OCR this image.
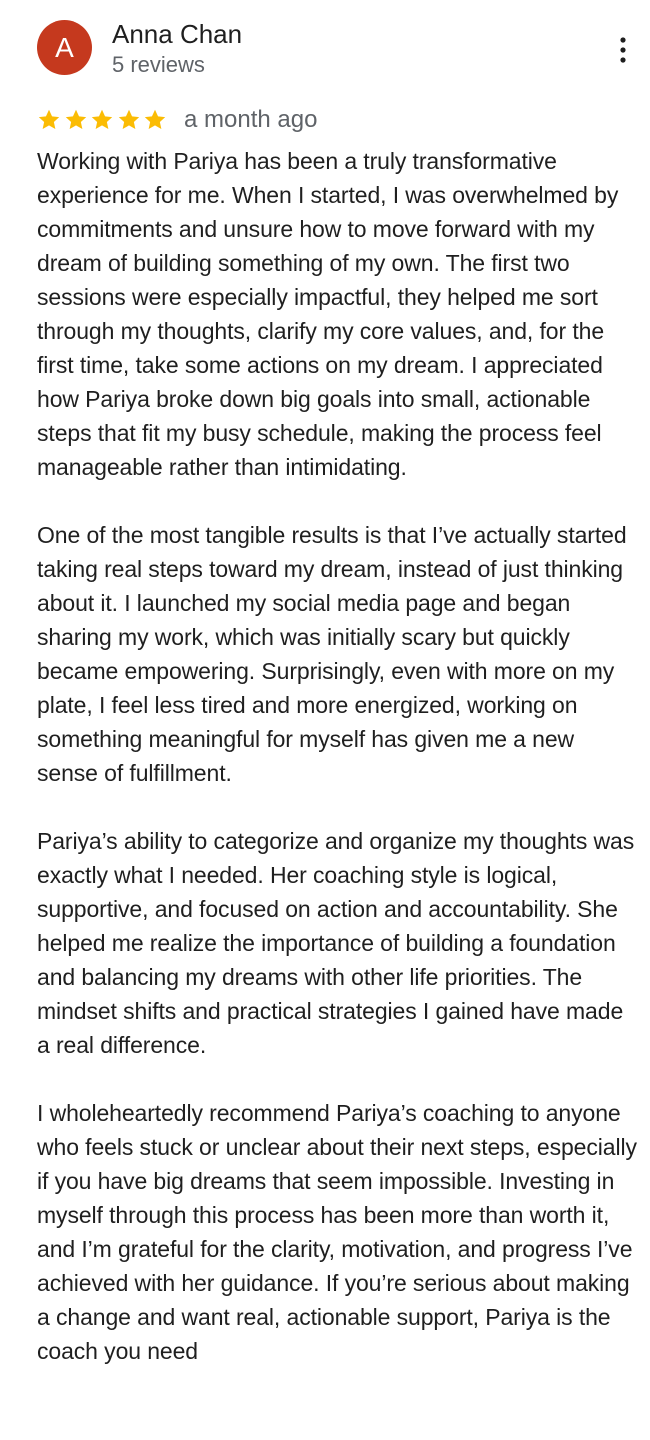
A	Anna Chan
5 reviews
a month ago

Working with Pariya has been a truly transformative experience for me. When I started, I was overwhelmed by commitments and unsure how to move forward with my dream of building something of my own. The first two sessions were especially impactful, they helped me sort through my thoughts, clarify my core values, and, for the first time, take some actions on my dream. I appreciated how Pariya broke down big goals into small, actionable steps that fit my busy schedule, making the process feel manageable rather than intimidating.

One of the most tangible results is that I’ve actually started taking real steps toward my dream, instead of just thinking about it. I launched my social media page and began sharing my work, which was initially scary but quickly became empowering. Surprisingly, even with more on my plate, I feel less tired and more energized, working on something meaningful for myself has given me a new sense of fulfillment.

Pariya’s ability to categorize and organize my thoughts was exactly what I needed. Her coaching style is logical, supportive, and focused on action and accountability. She helped me realize the importance of building a foundation and balancing my dreams with other life priorities. The mindset shifts and practical strategies I gained have made a real difference.

I wholeheartedly recommend Pariya’s coaching to anyone who feels stuck or unclear about their next steps, especially if you have big dreams that seem impossible. Investing in myself through this process has been more than worth it, and I’m grateful for the clarity, motivation, and progress I’ve achieved with her guidance. If you’re serious about making a change and want real, actionable support, Pariya is the coach you need
